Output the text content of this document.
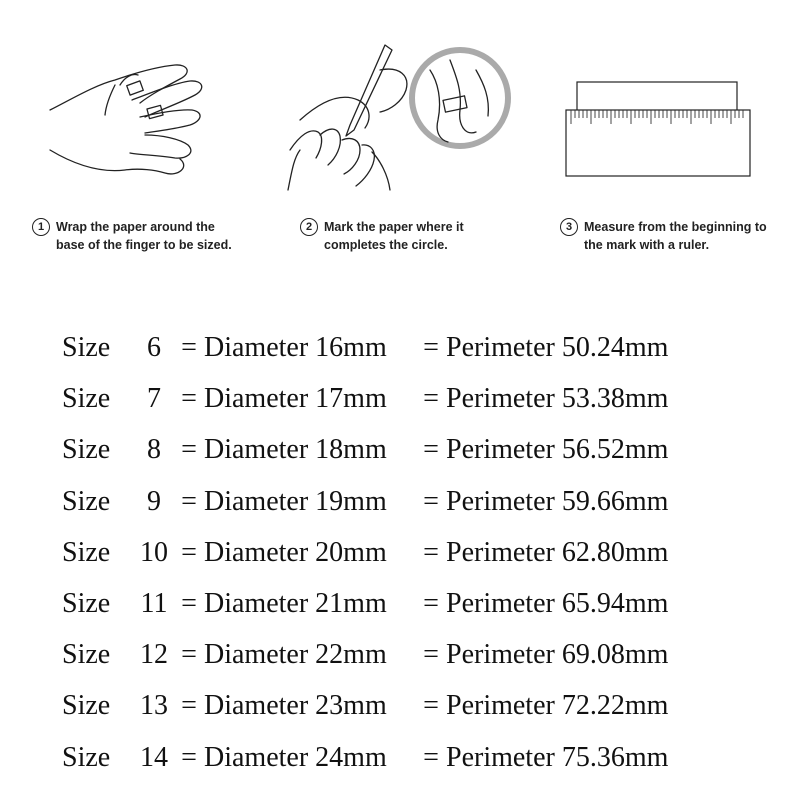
1 Wrap the paper around the
base of the finger to be sized.
2 Mark the paper where it
completes the circle.
3 Measure from the beginning to
the mark with a ruler.
Size 6 = Diameter 16mm = Perimeter 50.24mm
Size 7 = Diameter 17mm = Perimeter 53.38mm
Size 8 = Diameter 18mm = Perimeter 56.52mm
Size 9 = Diameter 19mm = Perimeter 59.66mm
Size 10 = Diameter 20mm = Perimeter 62.80mm
Size 11 = Diameter 21mm = Perimeter 65.94mm
Size 12 = Diameter 22mm = Perimeter 69.08mm
Size 13 = Diameter 23mm = Perimeter 72.22mm
Size 14 = Diameter 24mm = Perimeter 75.36mm
